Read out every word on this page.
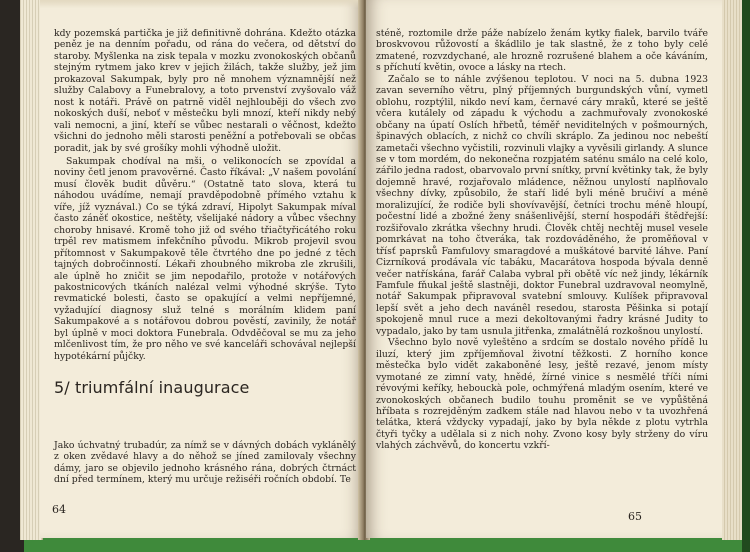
kdy pozemská partička je již definitivně dohrána. Kdežto otázka peněz je na denním pořadu, od rána do večera, od dětství do staroby. Myšlenka na zisk tepala v mozku zvonokoských občanů stejným rytmem jako krev v jejich žilách, takže služby, jež jim prokazoval Sakumpak, byly pro ně mnohem významnější než služby Calabovy a Funebralovy, a toto prvenství zvyšovalo váž nost k notáři. Právě on patrně viděl nejhlouběji do všech zvo nokoských duší, neboť v městečku byli mnozí, kteří nikdy nebý vali nemocni, a jiní, kteří se vůbec nestarali o věčnost, kdežto všichni do jednoho měli starosti peněžní a potřebovali se občas poradit, jak by své grošíky mohli výhodně uložit.

Sakumpak chodíval na mši, o velikonocích se zpovídal a noviny četl jenom pravověrné. Často říkával: „V našem povolání musí člověk budit důvěru.“ (Ostatně tato slova, která tu náhodou uvádíme, nemají pravděpodobně přímého vztahu k víře, jíž vyznával.) Co se týká zdraví, Hipolyt Sakumpak míval často záněť okostice, neštěty, všelijaké nádory a vůbec všechny choroby hnisavé. Kromě toho již od svého třiačtyřicátého roku trpěl rev matismem infekčního původu. Mikrob projevil svou přítomnost v Sakumpakově těle čtvrtého dne po jedné z těch tajných dobročinností. Lékaři zhoubného mikroba zle zkrušili, ale úplně ho zničit se jim nepodařilo, protože v notářových pakostnicových tkáních nalézal velmi výhodné skrýše. Tyto revmatické bolesti, často se opakující a velmi nepříjemné, vyžadující diagnosy služ telné s morálním klidem paní Sakumpakové a s notářovou dobrou pověstí, zavinily, že notář byl úplně v moci doktora Funebrala. Odvděčoval se mu za jeho mlčenlivost tím, že pro něho ve své kanceláři schovával nejlepší hypotékární půjčky.

5/ triumfální inaugurace

Jako úchvatný trubadúr, za nímž se v dávných dobách vyklánělý z oken zvědavé hlavy a do něhož se jíned zamilovaly všechny dámy, jaro se objevilo jednoho krásného rána, dobrých čtrnáct dní před termínem, který mu určuje režiséři ročních období. Te

sténě, roztomile drže páže nabízelo ženám kytky fialek, barvilo tváře broskvovou růžovostí a škádlilo je tak slastně, že z toho byly celé zmatené, rozvzdychané, ale hrozně rozrušené blahem a oče káváním, s příchutí květin, ovoce a lásky na rtech.

Začalo se to náhle zvýšenou teplotou. V noci na 5. dubna 1923 zavan severního větru, plný příjemných burgundských vůní, vymetl oblohu, rozptýlil, nikdo neví kam, černavé cáry mraků, které se ještě včera kutálely od západu k východu a zachmuřovaly zvonokoské občany na úpatí Oslích hřbetů, téměř neviditelných v pošmourných, špinavých oblacích, z nichž co chvíli skráplo. Za jedinou noc nebeští zametači všechno vyčistili, rozvinuli vlajky a vyvěsili girlandy. A slunce se v tom mordém, do nekonečna rozpjatém saténu smálo na celé kolo, zářilo jedna radost, obarvovalo první snítky, první květinky tak, že byly dojemně hravé, rozjařovalo mládence, něžnou unylostí naplňovalo všechny dívky, způsobilo, že staří lidé byli méně bručiví a méně moralizující, že rodiče byli shovívavější, četníci trochu méně hloupí, počestní lidé a zbožné ženy snášenlivější, sterní hospodáři štědřejší: rozšiřovalo zkrátka všechny hrudi. Člověk chtěj nechtěj musel vesele pomrkávat na toho čtveráka, tak rozdováděného, že proměňoval v třísť paprsků Famfulovy smaragdové a muškátové barvité láhve. Paní Cizrníková prodávala víc tabáku, Macarátova hospoda bývala denně večer natřískána, farář Calaba vybral při obětě víc než jindy, lékárník Famfule fňukal ještě slastněji, doktor Funebral uzdravoval neomylně, notář Sakumpak připravoval svatební smlouvy. Kulíšek připravoval lepší svět a jeho dech navánêl resedou, starosta Pěšinka si potají spokojeně mnul ruce a mezi dekoltovanými řadry krásné Judity to vypadalo, jako by tam usnula jitřenka, zmalátnělá rozkošnou unylostí.

Všechno bylo nově vyleštěno a srdcím se dostalo nového přídě lu iluzí, který jim zpříjemňoval životní těžkosti. Z horního konce městečka bylo vidět zakaboněné lesy, ještě rezavé, jenom místy vymotané ze zimní vaty, hnědé, žírné vinice s nesmělé tříči ními révovými keříky, hebouckà pole, ochmýřená mladým osením, které ve zvonokoských občanech budilo touhu proměnit se ve vypůštěná hříbata s rozrejděným zadkem stále nad hlavou nebo v ta uvozhřená telátka, která vždycky vypadají, jako by byla někde z plotu vytrhla čtyři tyčky a udělala si z nich nohy. Zvono kosy byly strženy do víru vlahých záchvěvů, do koncertu vzkří-

64
65
